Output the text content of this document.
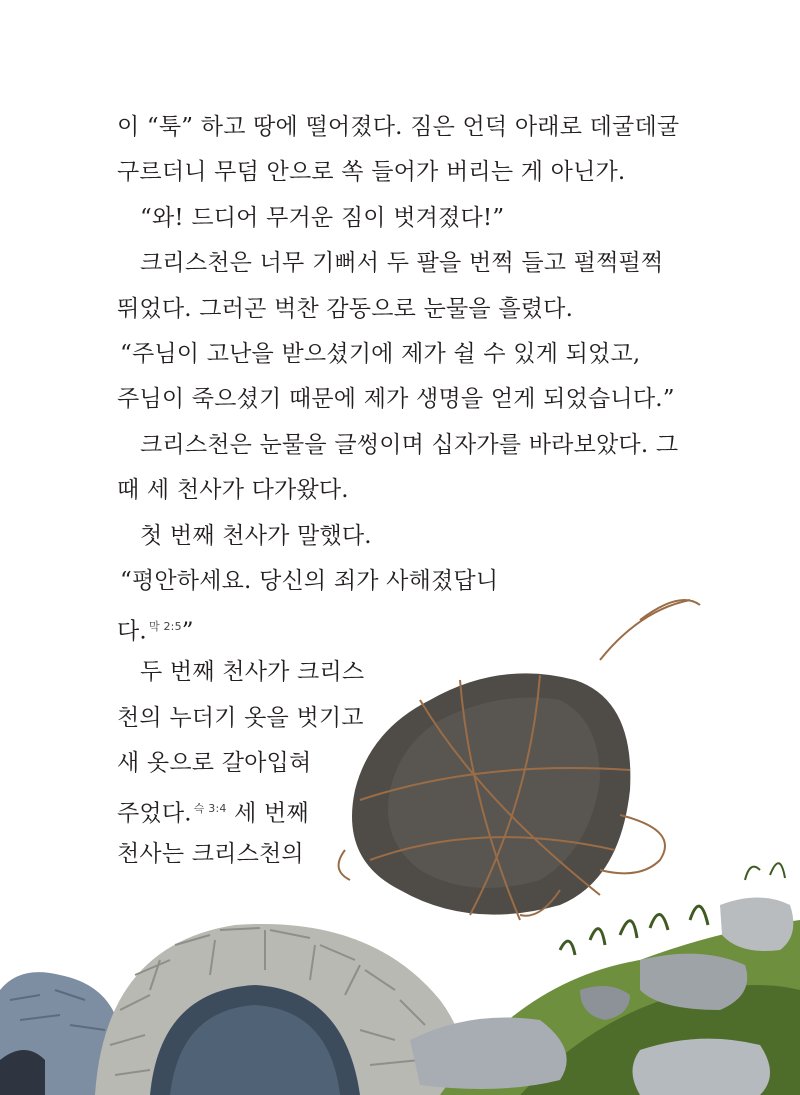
이 “툭” 하고 땅에 떨어졌다. 짐은 언덕 아래로 데굴데굴
구르더니 무덤 안으로 쏙 들어가 버리는 게 아닌가.
“와! 드디어 무거운 짐이 벗겨졌다!”
크리스천은 너무 기뻐서 두 팔을 번쩍 들고 펄쩍펄쩍
뛰었다. 그러곤 벅찬 감동으로 눈물을 흘렸다.
“주님이 고난을 받으셨기에 제가 쉴 수 있게 되었고,
주님이 죽으셨기 때문에 제가 생명을 얻게 되었습니다.”
크리스천은 눈물을 글썽이며 십자가를 바라보았다. 그
때 세 천사가 다가왔다.
첫 번째 천사가 말했다.
“평안하세요. 당신의 죄가 사해졌답니
다. $^{막 2:5}$”
두 번째 천사가 크리스
천의 누더기 옷을 벗기고
새 옷으로 갈아입혀
주었다. $^{슥 3:4}$ 세 번째
천사는 크리스천의
